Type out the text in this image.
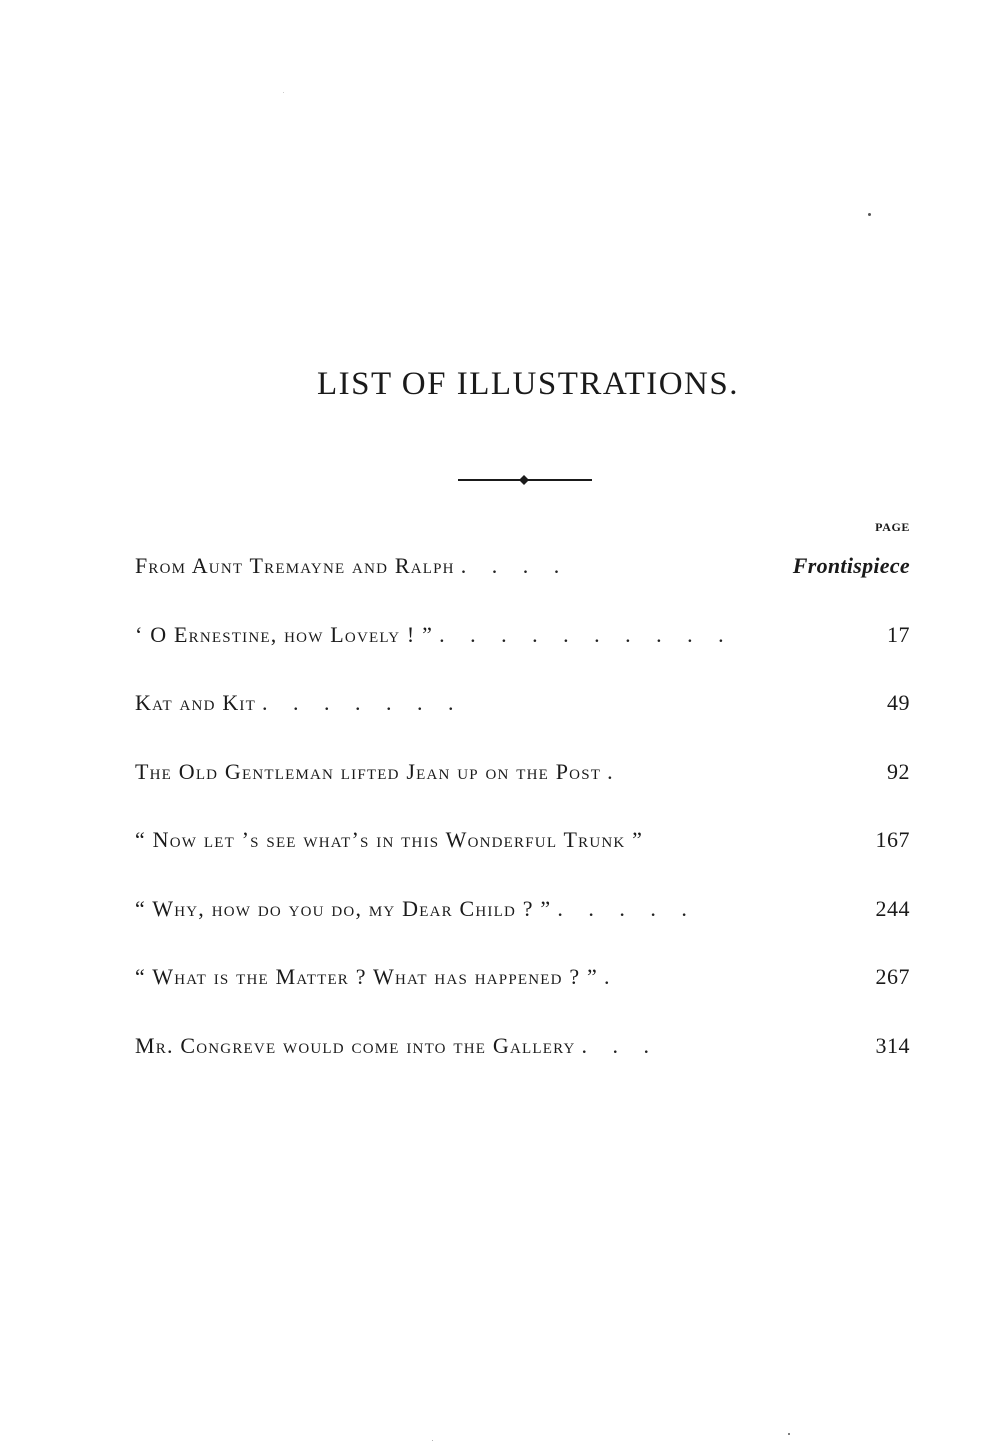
LIST OF ILLUSTRATIONS.
PAGE
From Aunt Tremayne and Ralph . . . .	Frontispiece
‘ O Ernestine, how Lovely ! ” . . . . . . . . . .	17
Kat and Kit . . . . . . .	49
The Old Gentleman lifted Jean up on the Post .	92
“ Now let ’s see what’s in this Wonderful Trunk ”	167
“ Why, how do you do, my Dear Child ? ” . . . . .	244
“ What is the Matter ? What has happened ? ” .	267
Mr. Congreve would come into the Gallery . . .	314
